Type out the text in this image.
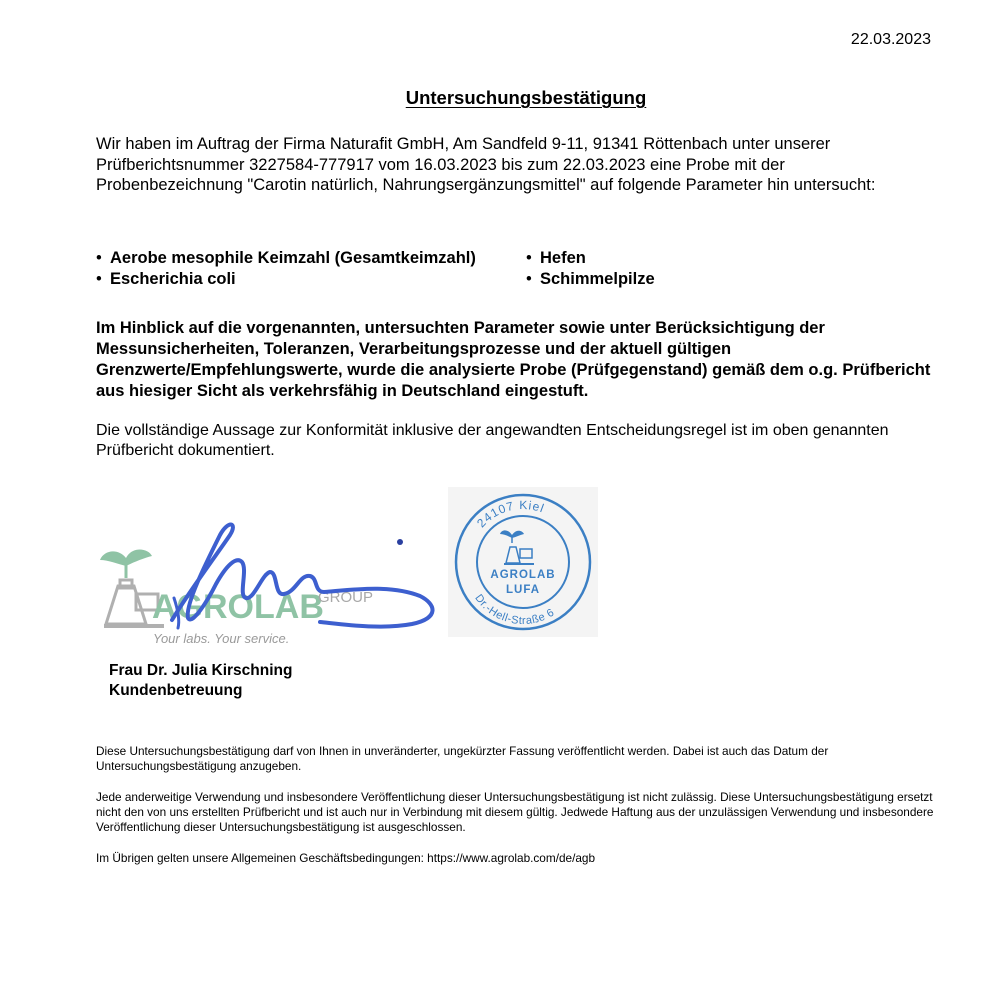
22.03.2023
Untersuchungsbestätigung
Wir haben im Auftrag der Firma Naturafit GmbH, Am Sandfeld 9-11, 91341 Röttenbach unter unserer Prüfberichtsnummer 3227584-777917 vom 16.03.2023 bis zum 22.03.2023 eine Probe mit der Probenbezeichnung "Carotin natürlich, Nahrungsergänzungsmittel" auf folgende Parameter hin untersucht:
• Aerobe mesophile Keimzahl (Gesamtkeimzahl)	• Hefen
• Escherichia coli	• Schimmelpilze
Im Hinblick auf die vorgenannten, untersuchten Parameter sowie unter Berücksichtigung der Messunsicherheiten, Toleranzen, Verarbeitungsprozesse und der aktuell gültigen Grenzwerte/Empfehlungswerte, wurde die analysierte Probe (Prüfgegenstand) gemäß dem o.g. Prüfbericht aus hiesiger Sicht als verkehrsfähig in Deutschland eingestuft.
Die vollständige Aussage zur Konformität inklusive der angewandten Entscheidungsregel ist im oben genannten Prüfbericht dokumentiert.
AGROLAB
GROUP
Your labs. Your service.
24107 Kiel
Dr.-Hell-Straße 6
AGROLAB
LUFA
Frau Dr. Julia Kirschning
Kundenbetreuung
Diese Untersuchungsbestätigung darf von Ihnen in unveränderter, ungekürzter Fassung veröffentlicht werden. Dabei ist auch das Datum der Untersuchungsbestätigung anzugeben.
Jede anderweitige Verwendung und insbesondere Veröffentlichung dieser Untersuchungsbestätigung ist nicht zulässig. Diese Untersuchungsbestätigung ersetzt nicht den von uns erstellten Prüfbericht und ist auch nur in Verbindung mit diesem gültig. Jedwede Haftung aus der unzulässigen Verwendung und insbesondere Veröffentlichung dieser Untersuchungsbestätigung ist ausgeschlossen.
Im Übrigen gelten unsere Allgemeinen Geschäftsbedingungen: https://www.agrolab.com/de/agb
